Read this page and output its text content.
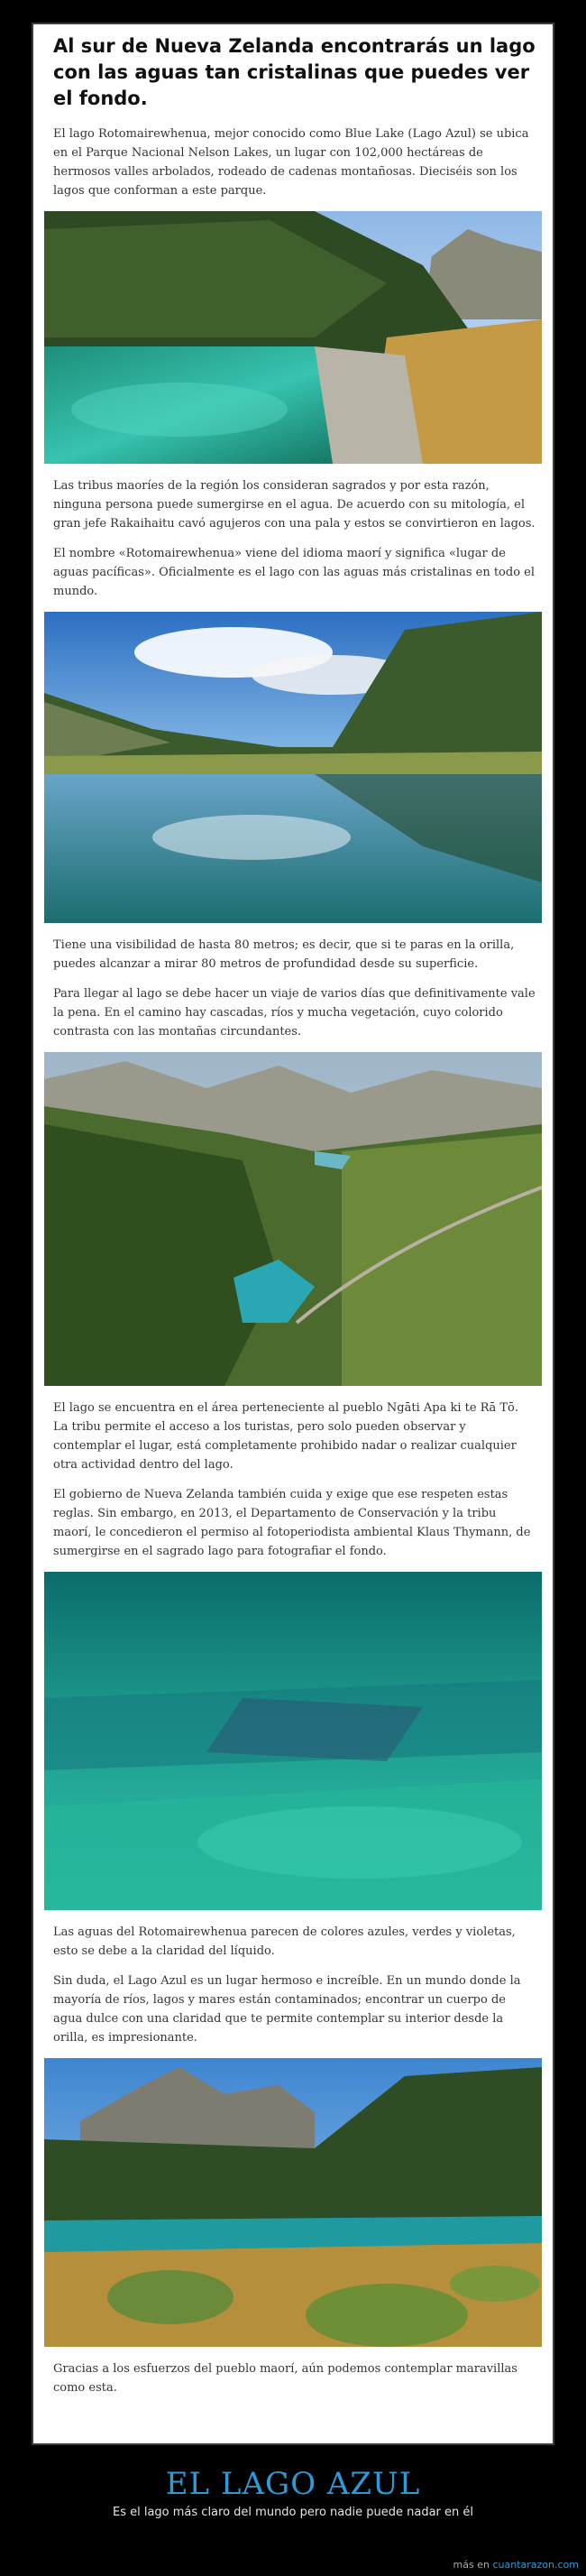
Al sur de Nueva Zelanda encontrarás un lago con las aguas tan cristalinas que puedes ver el fondo.
El lago Rotomairewhenua, mejor conocido como Blue Lake (Lago Azul) se ubica en el Parque Nacional Nelson Lakes, un lugar con 102,000 hectáreas de hermosos valles arbolados, rodeado de cadenas montañosas. Dieciséis son los lagos que conforman a este parque.
Las tribus maoríes de la región los consideran sagrados y por esta razón, ninguna persona puede sumergirse en el agua. De acuerdo con su mitología, el gran jefe Rakaihaitu cavó agujeros con una pala y estos se convirtieron en lagos.
El nombre «Rotomairewhenua» viene del idioma maorí y significa «lugar de aguas pacíficas». Oficialmente es el lago con las aguas más cristalinas en todo el mundo.
Tiene una visibilidad de hasta 80 metros; es decir, que si te paras en la orilla, puedes alcanzar a mirar 80 metros de profundidad desde su superficie.
Para llegar al lago se debe hacer un viaje de varios días que definitivamente vale la pena. En el camino hay cascadas, ríos y mucha vegetación, cuyo colorido contrasta con las montañas circundantes.
El lago se encuentra en el área perteneciente al pueblo Ngāti Apa ki te Rā Tō. La tribu permite el acceso a los turistas, pero solo pueden observar y contemplar el lugar, está completamente prohibido nadar o realizar cualquier otra actividad dentro del lago.
El gobierno de Nueva Zelanda también cuida y exige que ese respeten estas reglas. Sin embargo, en 2013, el Departamento de Conservación y la tribu maorí, le concedieron el permiso al fotoperiodista ambiental Klaus Thymann, de sumergirse en el sagrado lago para fotografiar el fondo.
Las aguas del Rotomairewhenua parecen de colores azules, verdes y violetas, esto se debe a la claridad del líquido.
Sin duda, el Lago Azul es un lugar hermoso e increíble. En un mundo donde la mayoría de ríos, lagos y mares están contaminados; encontrar un cuerpo de agua dulce con una claridad que te permite contemplar su interior desde la orilla, es impresionante.
Gracias a los esfuerzos del pueblo maorí, aún podemos contemplar maravillas como esta.
EL LAGO AZUL
Es el lago más claro del mundo pero nadie puede nadar en él
más en cuantarazon.com
